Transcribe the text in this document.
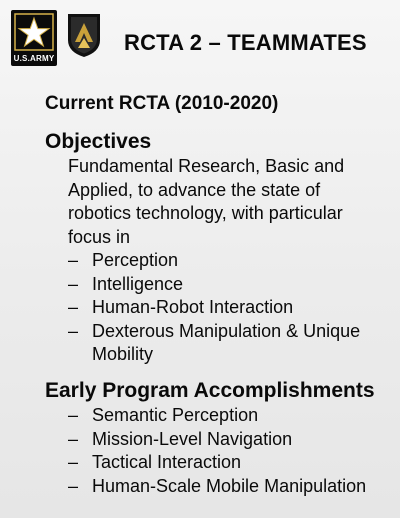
U.S.ARMY
RCTA 2 – TEAMMATES
Current RCTA (2010-2020)
Objectives
Fundamental Research, Basic and Applied, to advance the state of robotics technology, with particular focus in
– Perception
– Intelligence
– Human-Robot Interaction
– Dexterous Manipulation & Unique Mobility
Early Program Accomplishments
– Semantic Perception
– Mission-Level Navigation
– Tactical Interaction
– Human-Scale Mobile Manipulation
